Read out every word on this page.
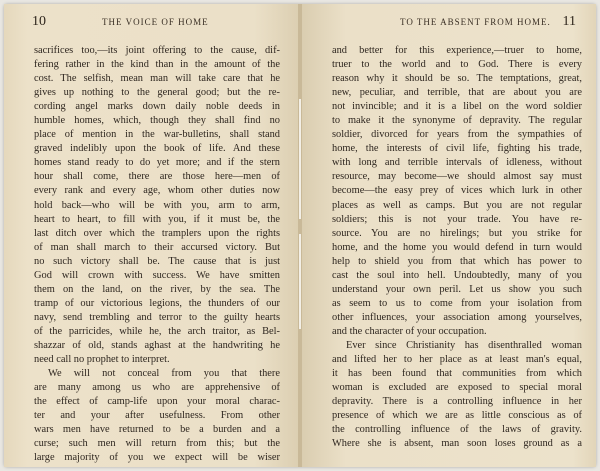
10	THE VOICE OF HOME
sacrifices too,—its joint offering to the cause, dif-
fering rather in the kind than in the amount of the
cost. The selfish, mean man will take care that he
gives up nothing to the general good; but the re-
cording angel marks down daily noble deeds in
humble homes, which, though they shall find no
place of mention in the war-bulletins, shall stand
graved indelibly upon the book of life. And these
homes stand ready to do yet more; and if the stern
hour shall come, there are those here—men of
every rank and every age, whom other duties now
hold back—who will be with you, arm to arm,
heart to heart, to fill with you, if it must be, the
last ditch over which the tramplers upon the rights
of man shall march to their accursed victory. But
no such victory shall be. The cause that is just
God will crown with success. We have smitten
them on the land, on the river, by the sea. The
tramp of our victorious legions, the thunders of our
navy, send trembling and terror to the guilty hearts
of the parricides, while he, the arch traitor, as Bel-
shazzar of old, stands aghast at the handwriting he
need call no prophet to interpret.
We will not conceal from you that there
are many among us who are apprehensive of
the effect of camp-life upon your moral charac-
ter and your after usefulness. From other
wars men have returned to be a burden and a
curse; such men will return from this; but the
large majority of you we expect will be wiser
11
TO THE ABSENT FROM HOME.
and better for this experience,—truer to home,
truer to the world and to God. There is every
reason why it should be so. The temptations, great,
new, peculiar, and terrible, that are about you are
not invincible; and it is a libel on the word soldier
to make it the synonyme of depravity. The regular
soldier, divorced for years from the sympathies of
home, the interests of civil life, fighting his trade,
with long and terrible intervals of idleness, without
resource, may become—we should almost say must
become—the easy prey of vices which lurk in other
places as well as camps. But you are not regular
soldiers; this is not your trade. You have re-
source. You are no hirelings; but you strike for
home, and the home you would defend in turn would
help to shield you from that which has power to
cast the soul into hell. Undoubtedly, many of you
understand your own peril. Let us show you such
as seem to us to come from your isolation from
other influences, your association among yourselves,
and the character of your occupation.
Ever since Christianity has disenthralled woman
and lifted her to her place as at least man's equal,
it has been found that communities from which
woman is excluded are exposed to special moral
depravity. There is a controlling influence in her
presence of which we are as little conscious as of
the controlling influence of the laws of gravity.
Where she is absent, man soon loses ground as a
